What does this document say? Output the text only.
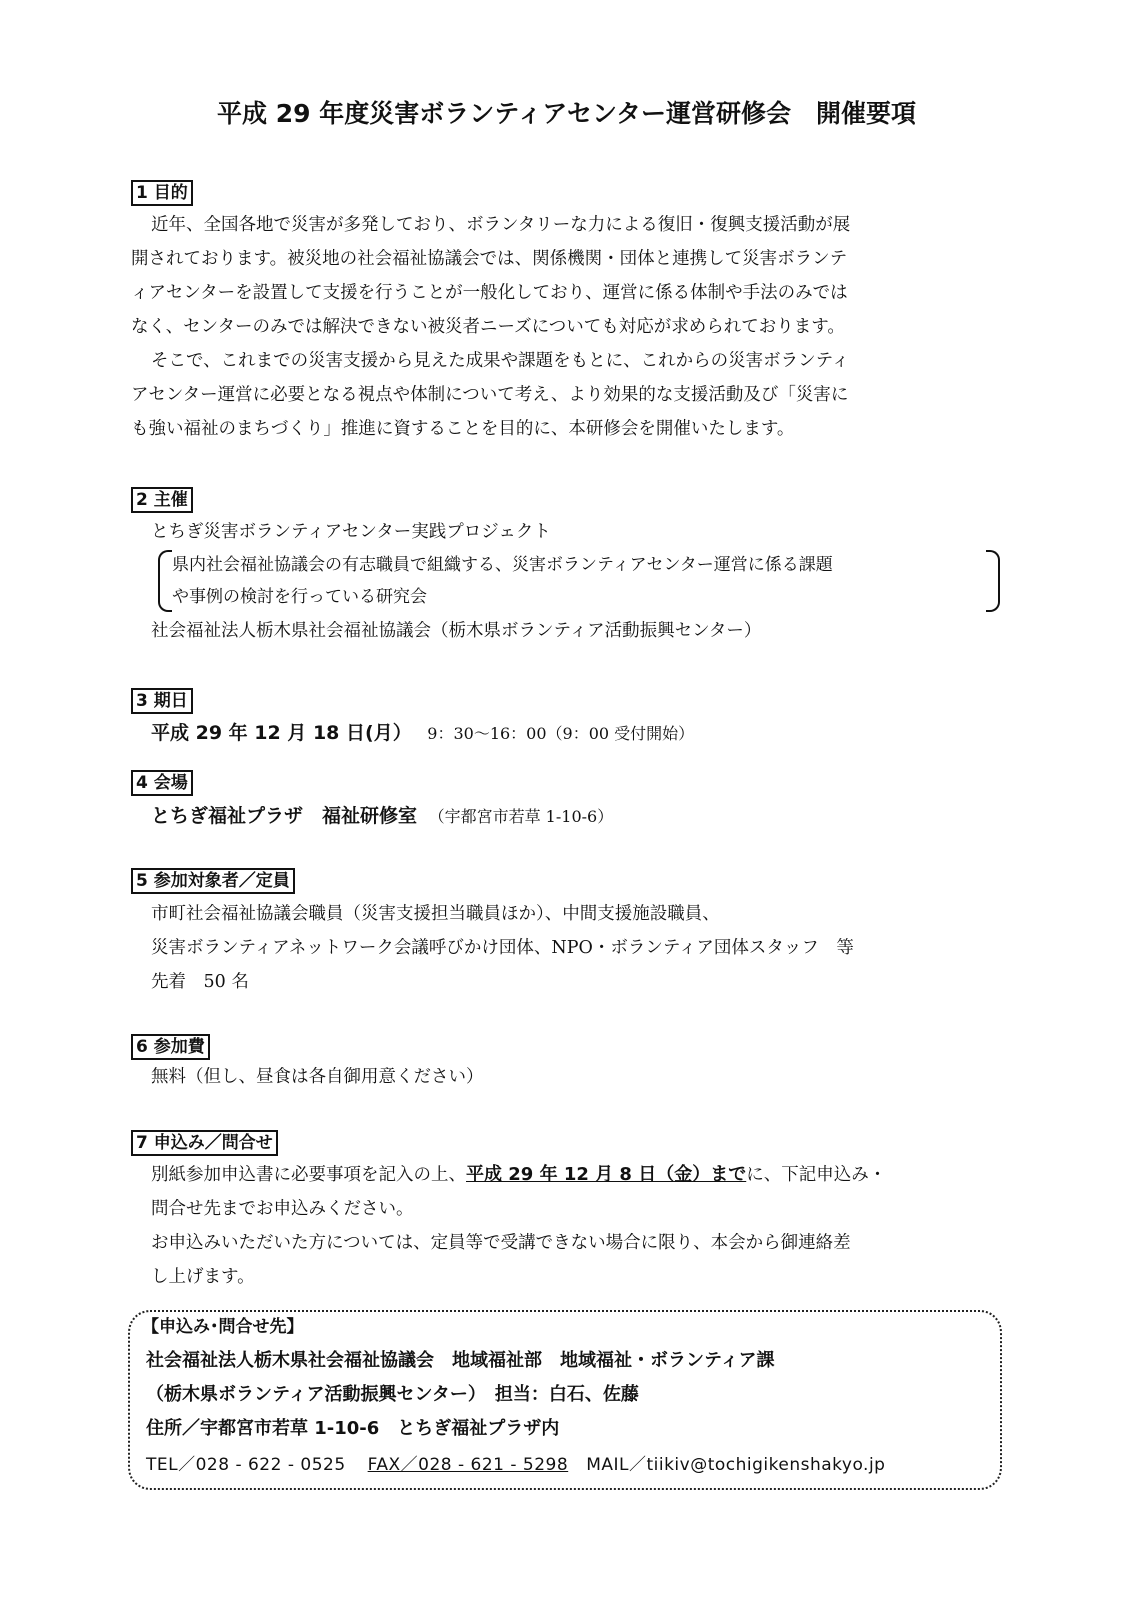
平成 29 年度災害ボランティアセンター運営研修会　開催要項
1 目的
近年、全国各地で災害が多発しており、ボランタリーな力による復旧・復興支援活動が展
開されております。被災地の社会福祉協議会では、関係機関・団体と連携して災害ボランテ
ィアセンターを設置して支援を行うことが一般化しており、運営に係る体制や手法のみでは
なく、センターのみでは解決できない被災者ニーズについても対応が求められております。
そこで、これまでの災害支援から見えた成果や課題をもとに、これからの災害ボランティ
アセンター運営に必要となる視点や体制について考え、より効果的な支援活動及び「災害に
も強い福祉のまちづくり」推進に資することを目的に、本研修会を開催いたします。
2 主催
とちぎ災害ボランティアセンター実践プロジェクト
県内社会福祉協議会の有志職員で組織する、災害ボランティアセンター運営に係る課題
や事例の検討を行っている研究会
社会福祉法人栃木県社会福祉協議会（栃木県ボランティア活動振興センター）
3 期日
平成 29 年 12 月 18 日(月） 9：30～16：00（9：00 受付開始）
4 会場
とちぎ福祉プラザ　福祉研修室 （宇都宮市若草 1-10-6）
5 参加対象者／定員
市町社会福祉協議会職員（災害支援担当職員ほか）、中間支援施設職員、
災害ボランティアネットワーク会議呼びかけ団体、NPO・ボランティア団体スタッフ　等
先着　50 名
6 参加費
無料（但し、昼食は各自御用意ください）
7 申込み／問合せ
別紙参加申込書に必要事項を記入の上、平成 29 年 12 月 8 日（金）までに、下記申込み・
問合せ先までお申込みください。
お申込みいただいた方については、定員等で受講できない場合に限り、本会から御連絡差
し上げます。
【申込み･問合せ先】
社会福祉法人栃木県社会福祉協議会　地域福祉部　地域福祉・ボランティア課
（栃木県ボランティア活動振興センター）　担当：白石、佐藤
住所／宇都宮市若草 1-10-6　とちぎ福祉プラザ内
TEL／028 - 622 - 0525 FAX／028 - 621 - 5298 MAIL／tiikiv@tochigikenshakyo.jp
